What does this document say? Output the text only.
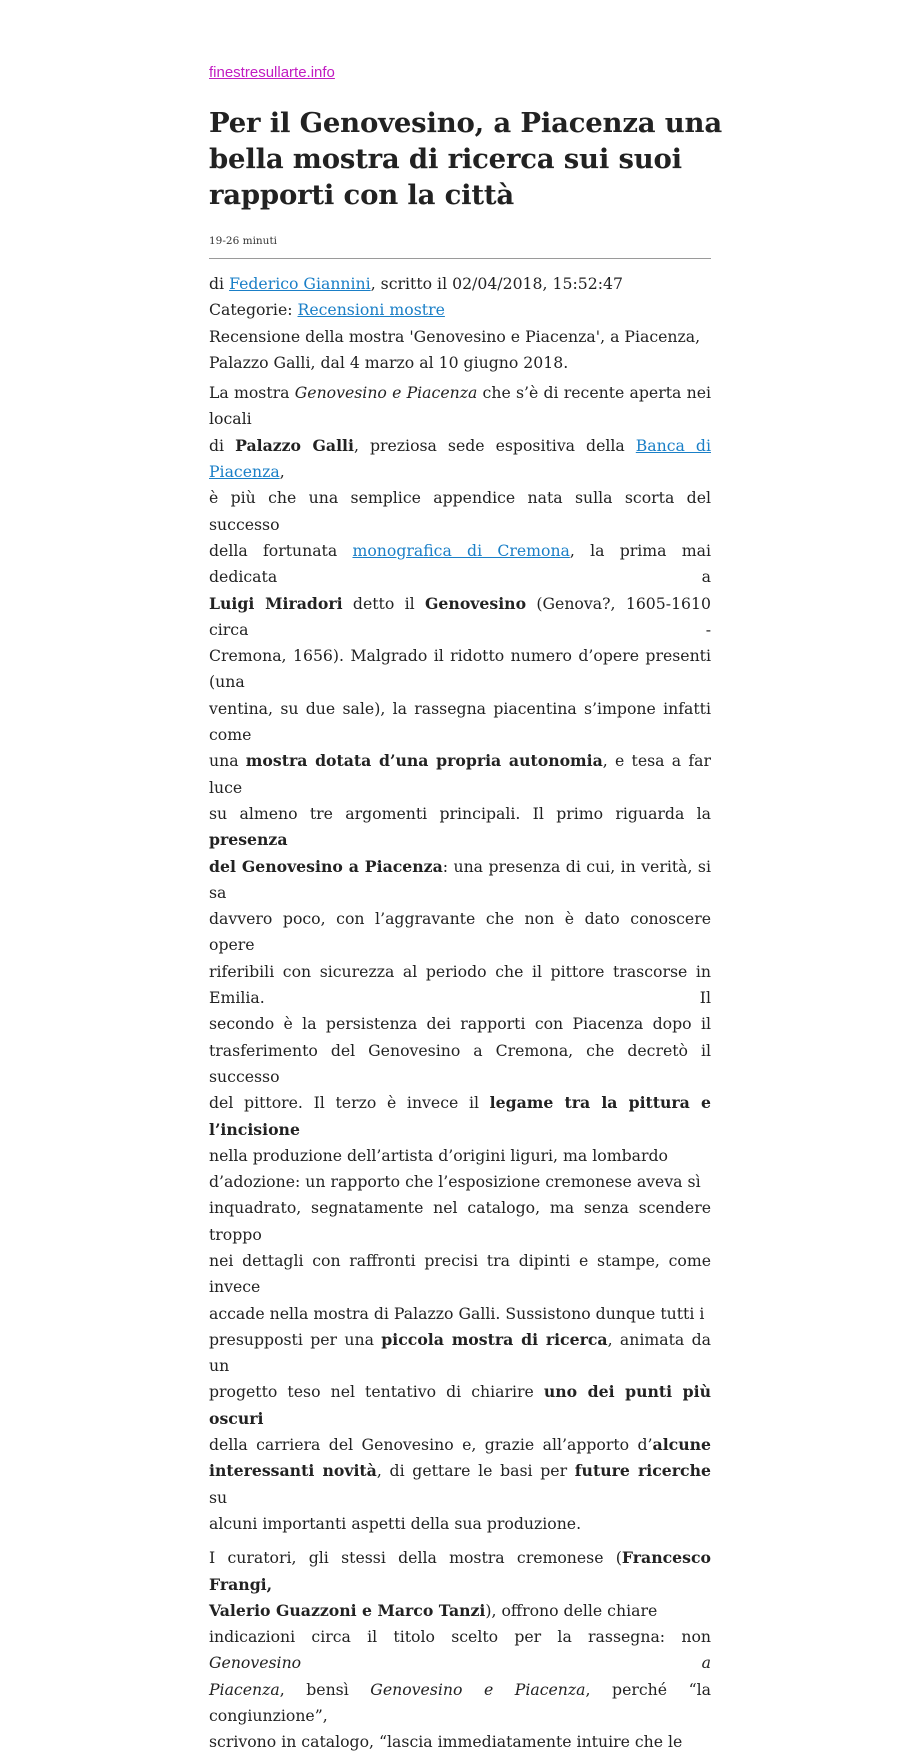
finestresullarte.info
Per il Genovesino, a Piacenza una
bella mostra di ricerca sui suoi
rapporti con la città
19-26 minuti
di Federico Giannini, scritto il 02/04/2018, 15:52:47
Categorie: Recensioni mostre
Recensione della mostra 'Genovesino e Piacenza', a Piacenza,
Palazzo Galli, dal 4 marzo al 10 giugno 2018.

La mostra Genovesino e Piacenza che s’è di recente aperta nei locali
di Palazzo Galli, preziosa sede espositiva della Banca di Piacenza,
è più che una semplice appendice nata sulla scorta del successo
della fortunata monografica di Cremona, la prima mai dedicata a
Luigi Miradori detto il Genovesino (Genova?, 1605-1610 circa -
Cremona, 1656). Malgrado il ridotto numero d’opere presenti (una
ventina, su due sale), la rassegna piacentina s’impone infatti come
una mostra dotata d’una propria autonomia, e tesa a far luce
su almeno tre argomenti principali. Il primo riguarda la presenza
del Genovesino a Piacenza: una presenza di cui, in verità, si sa
davvero poco, con l’aggravante che non è dato conoscere opere
riferibili con sicurezza al periodo che il pittore trascorse in Emilia. Il
secondo è la persistenza dei rapporti con Piacenza dopo il
trasferimento del Genovesino a Cremona, che decretò il successo
del pittore. Il terzo è invece il legame tra la pittura e l’incisione
nella produzione dell’artista d’origini liguri, ma lombardo
d’adozione: un rapporto che l’esposizione cremonese aveva sì
inquadrato, segnatamente nel catalogo, ma senza scendere troppo
nei dettagli con raffronti precisi tra dipinti e stampe, come invece
accade nella mostra di Palazzo Galli. Sussistono dunque tutti i
presupposti per una piccola mostra di ricerca, animata da un
progetto teso nel tentativo di chiarire uno dei punti più oscuri
della carriera del Genovesino e, grazie all’apporto d’alcune
interessanti novità, di gettare le basi per future ricerche su
alcuni importanti aspetti della sua produzione.

I curatori, gli stessi della mostra cremonese (Francesco Frangi,
Valerio Guazzoni e Marco Tanzi), offrono delle chiare
indicazioni circa il titolo scelto per la rassegna: non Genovesino a
Piacenza, bensì Genovesino e Piacenza, perché “la congiunzione”,
scrivono in catalogo, “lascia immediatamente intuire che le
